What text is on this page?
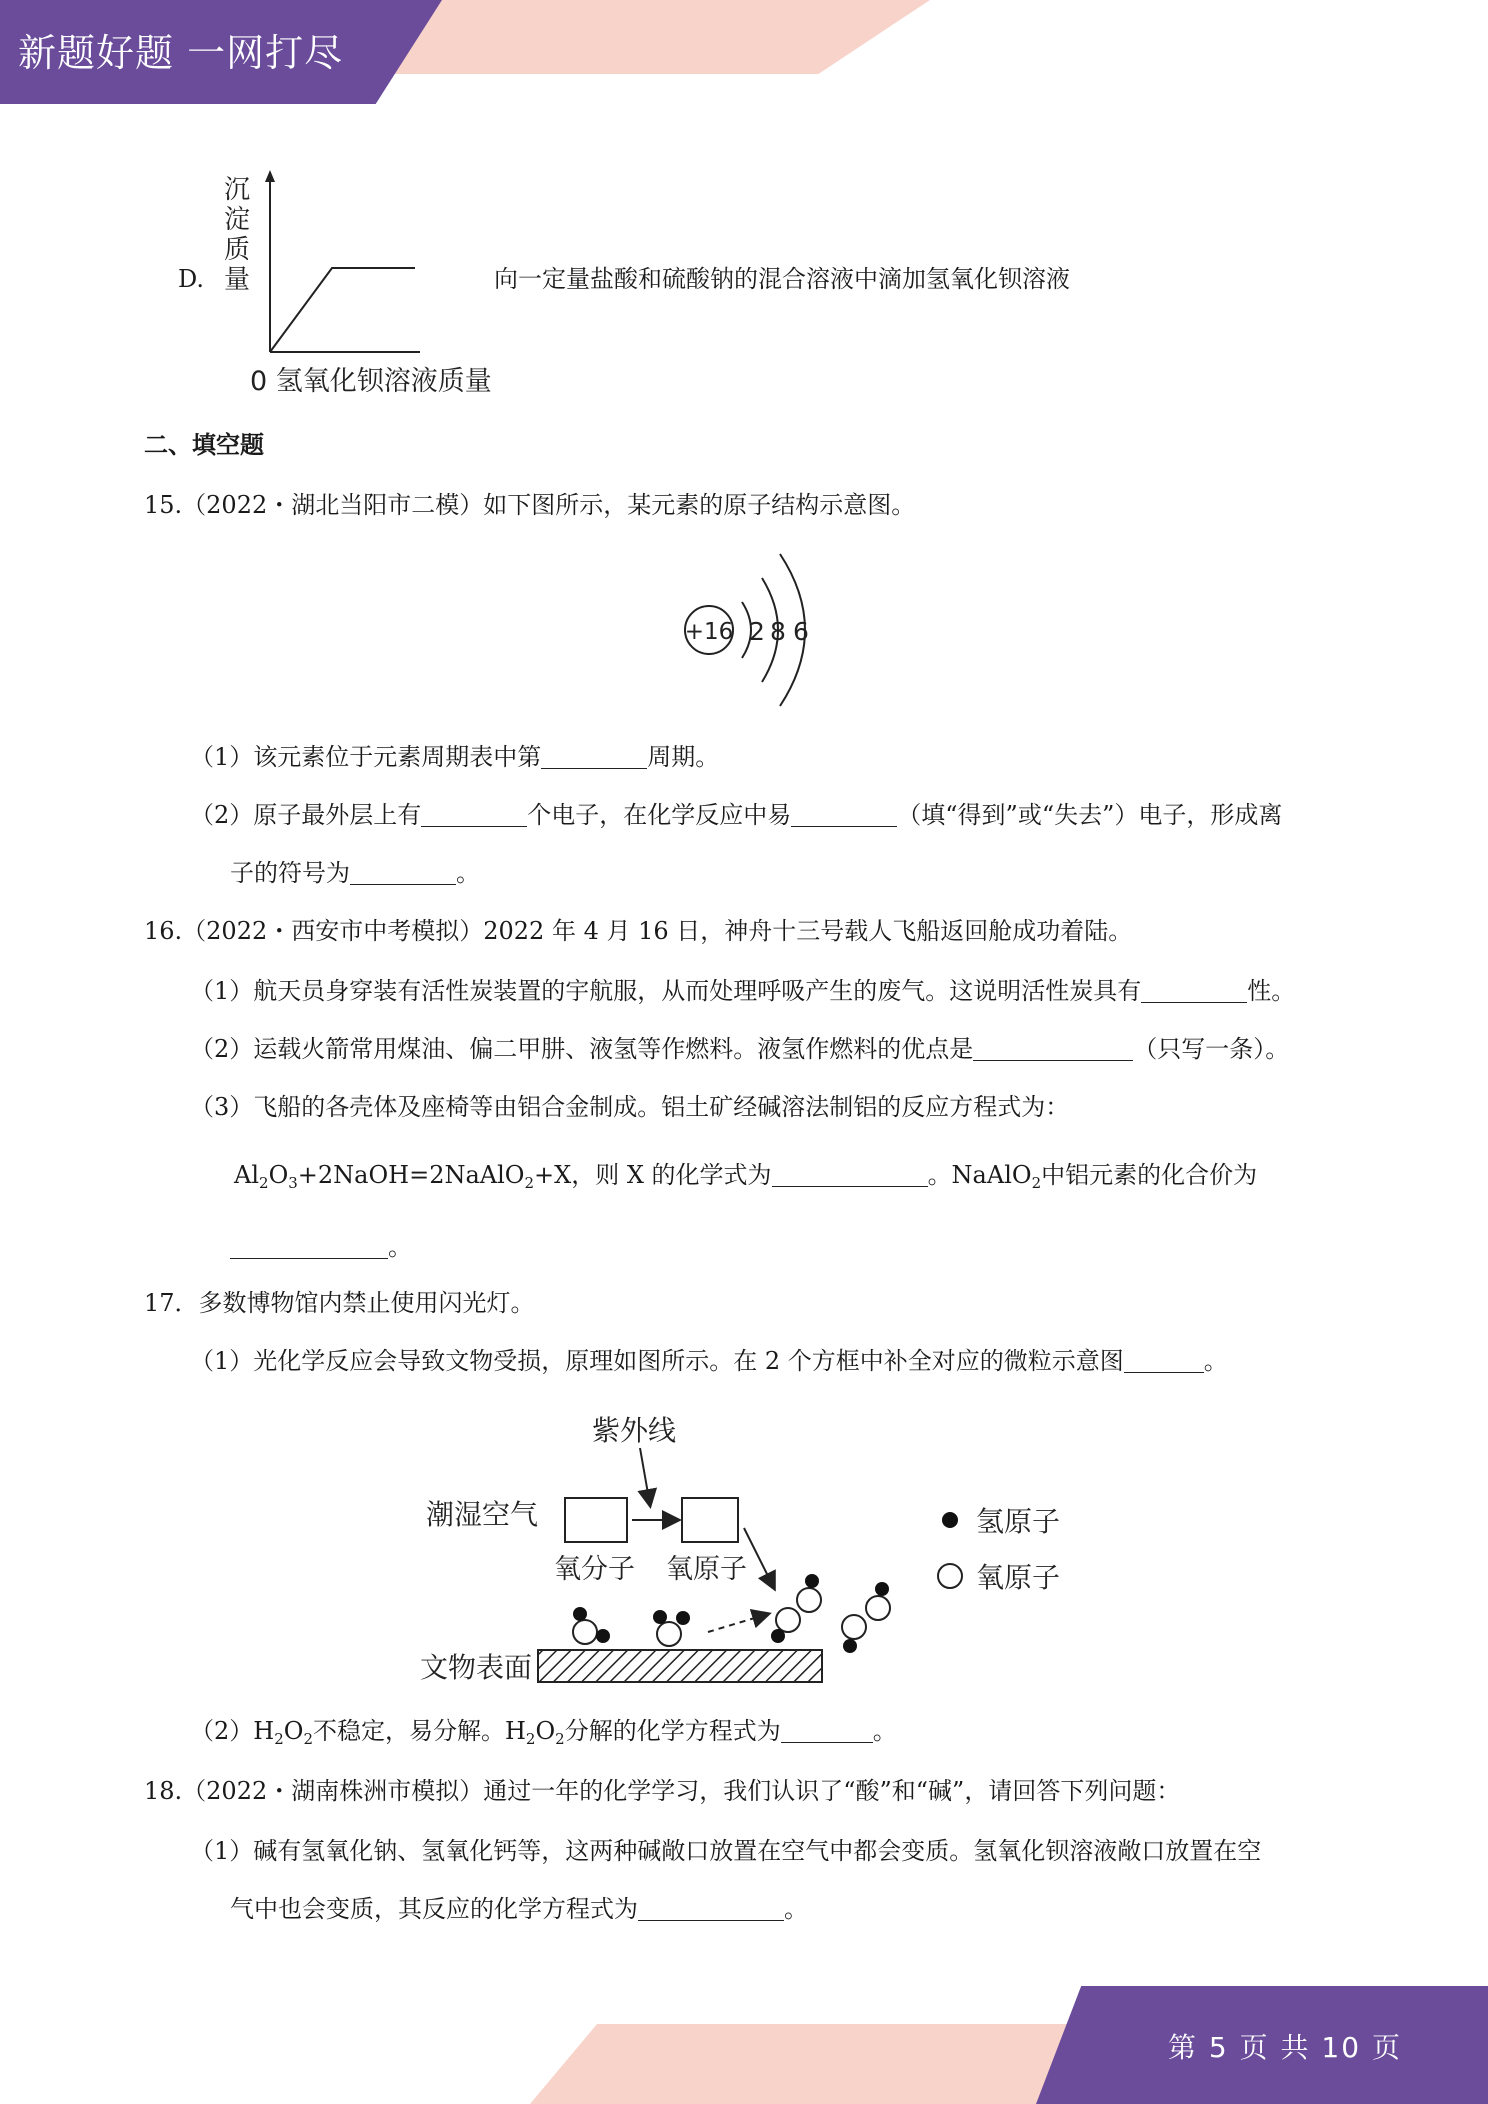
新题好题 一网打尽
D.
沉
淀
质
量
0 氢氧化钡溶液质量
向一定量盐酸和硫酸钠的混合溶液中滴加氢氧化钡溶液
二、填空题
15.（2022・湖北当阳市二模）如下图所示，某元素的原子结构示意图。
+16 2 8 6
（1）该元素位于元素周期表中第	周期。
（2）原子最外层上有	个电子，在化学反应中易	（填“得到”或“失去”）电子，形成离
子的符号为	。
16.（2022・西安市中考模拟）2022 年 4 月 16 日，神舟十三号载人飞船返回舱成功着陆。
（1）航天员身穿装有活性炭装置的宇航服，从而处理呼吸产生的废气。这说明活性炭具有	性。
（2）运载火箭常用煤油、偏二甲肼、液氢等作燃料。液氢作燃料的优点是	（只写一条）。
（3）飞船的各壳体及座椅等由铝合金制成。铝土矿经碱溶法制铝的反应方程式为：
$Al_2O_3+2NaOH=2NaAlO_2+X$，则 X 的化学式为	。NaAlO$_2$中铝元素的化合价为
。
17．多数博物馆内禁止使用闪光灯。
（1）光化学反应会导致文物受损，原理如图所示。在 2 个方框中补全对应的微粒示意图	。
紫外线
潮湿空气
氧分子 氧原子
文物表面
氢原子
氧原子
$(2)H_2O_2$不稳定，易分解。$H_2O_2$分解的化学方程式为	。
18.（2022・湖南株洲市模拟）通过一年的化学学习，我们认识了“酸”和“碱”，请回答下列问题：
（1）碱有氢氧化钠、氢氧化钙等，这两种碱敞口放置在空气中都会变质。氢氧化钡溶液敞口放置在空
气中也会变质，其反应的化学方程式为	。
第 5 页 共 10 页
